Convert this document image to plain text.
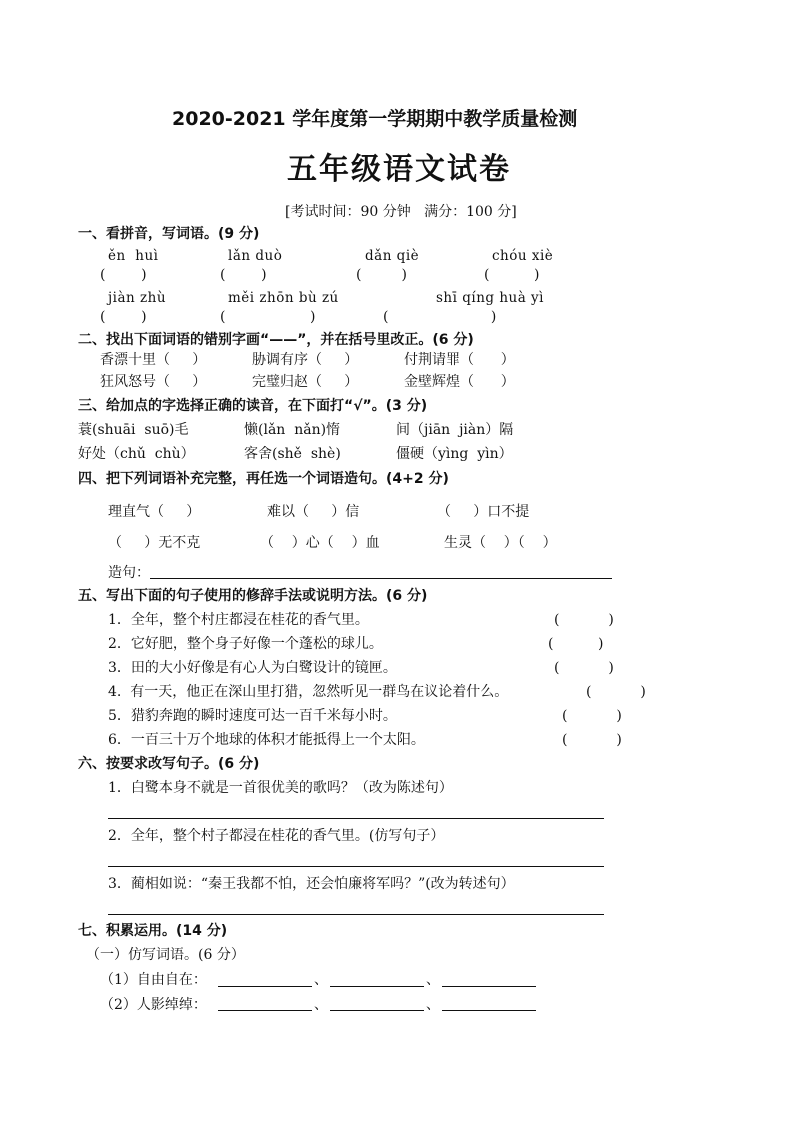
2020-2021 学年度第一学期期中教学质量检测
五年级语文试卷
[考试时间：90 分钟   满分：100 分]
一、看拼音，写词语。(9 分)
ěn  huì	lǎn duò	dǎn qiè	chóu xiè
(        )	(        )	(         )	(          )
jiàn zhù	měi zhōn bù zú	shī qíng huà yì
(        )	(                   )	(                       )
二、找出下面词语的错别字画“——”，并在括号里改正。(6 分)
香漂十里（     ）	胁调有序（     ）	付荆请罪（      ）
狂风怒号（     ）	完璧归赵（     ）	金壁辉煌（      ）
三、给加点的字选择正确的读音，在下面打“√”。(3 分)
蓑(shuāi  suō)毛	懒(lǎn  nǎn)惰	间（jiān  jiàn）隔
好处（chǔ  chù）	客舍(shě  shè)	僵硬（yìng  yìn）
四、把下列词语补充完整，再任选一个词语造句。(4+2 分)
理直气（     ）	难以（     ）信	（     ）口不提
（     ）无不克	（    ）心（    ）血	生灵（    ）（    ）
造句：
五、写出下面的句子使用的修辞手法或说明方法。(6 分)
1．全年，整个村庄都浸在桂花的香气里。	(           )
2．它好肥，整个身子好像一个蓬松的球儿。	(          )
3．田的大小好像是有心人为白鹭设计的镜匣。	(           )
4.  有一天，他正在深山里打猎，忽然听见一群鸟在议论着什么。	(           )
5．猎豹奔跑的瞬时速度可达一百千米每小时。	(           )
6．一百三十万个地球的体积才能抵得上一个太阳。	(           )
六、按要求改写句子。(6 分)
1．白鹭本身不就是一首很优美的歌吗？（改为陈述句）
2．全年，整个村子都浸在桂花的香气里。(仿写句子）
3．蔺相如说：“秦王我都不怕，还会怕廉将军吗？”(改为转述句）
七、积累运用。(14 分)
（一）仿写词语。(6 分）
（1）自由自在：	、	、
（2）人影绰绰：	、	、
